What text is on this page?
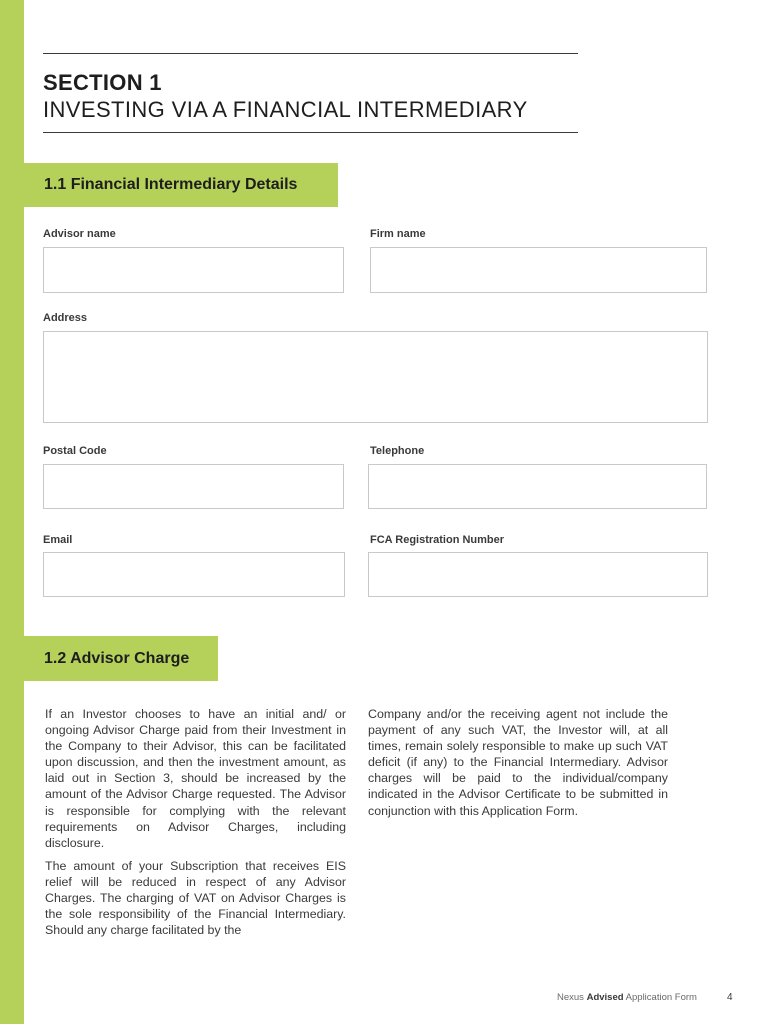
SECTION 1
INVESTING VIA A FINANCIAL INTERMEDIARY
1.1 Financial Intermediary Details
Advisor name	Firm name
Address
Postal Code	Telephone
Email	FCA Registration Number
1.2 Advisor Charge

If an Investor chooses to have an initial and/ or ongoing Advisor Charge paid from their Investment in the Company to their Advisor, this can be facilitated upon discussion, and then the investment amount, as laid out in Section 3, should be increased by the amount of the Advisor Charge requested. The Advisor is responsible for complying with the relevant requirements on Advisor Charges, including disclosure.

The amount of your Subscription that receives EIS relief will be reduced in respect of any Advisor Charges. The charging of VAT on Advisor Charges is the sole responsibility of the Financial Intermediary. Should any charge facilitated by the

Company and/or the receiving agent not include the payment of any such VAT, the Investor will, at all times, remain solely responsible to make up such VAT deficit (if any) to the Financial Intermediary. Advisor charges will be paid to the individual/company indicated in the Advisor Certificate to be submitted in conjunction with this Application Form.

Nexus Advised Application Form	4
